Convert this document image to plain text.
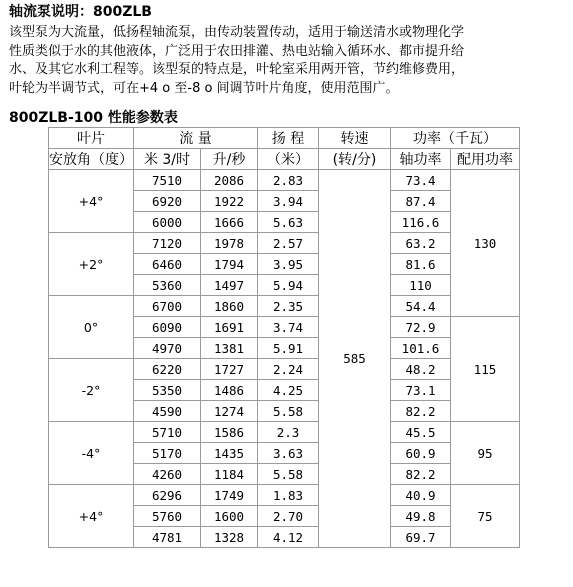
轴流泵说明：800ZLB
该型泵为大流量，低扬程轴流泵，由传动装置传动，适用于输送清水或物理化学
性质类似于水的其他液体，广泛用于农田排灌、热电站输入循环水、都市提升给
水、及其它水利工程等。该型泵的特点是，叶轮室采用两开管，节约维修费用，
叶轮为半调节式，可在+4 ο 至-8 ο 间调节叶片角度，使用范围广。
800ZLB-100 性能参数表
叶片	流 量		扬 程	转速	功率（千瓦）	
安放角（度）	米 3/时	升/秒	（米）	(转/分)	轴功率	配用功率
+4°	7510	2086	2.83	585	73.4	130
	6920	1922	3.94		87.4	
	6000	1666	5.63		116.6	
+2°	7120	1978	2.57		63.2	
	6460	1794	3.95		81.6	
	5360	1497	5.94		110	
0°	6700	1860	2.35		54.4	
	6090	1691	3.74		72.9	115
	4970	1381	5.91		101.6	
-2°	6220	1727	2.24		48.2	
	5350	1486	4.25		73.1	
	4590	1274	5.58		82.2	
-4°	5710	1586	2.3		45.5	95
	5170	1435	3.63		60.9	
	4260	1184	5.58		82.2	
+4°	6296	1749	1.83		40.9	75
	5760	1600	2.70		49.8	
	4781	1328	4.12		69.7	
